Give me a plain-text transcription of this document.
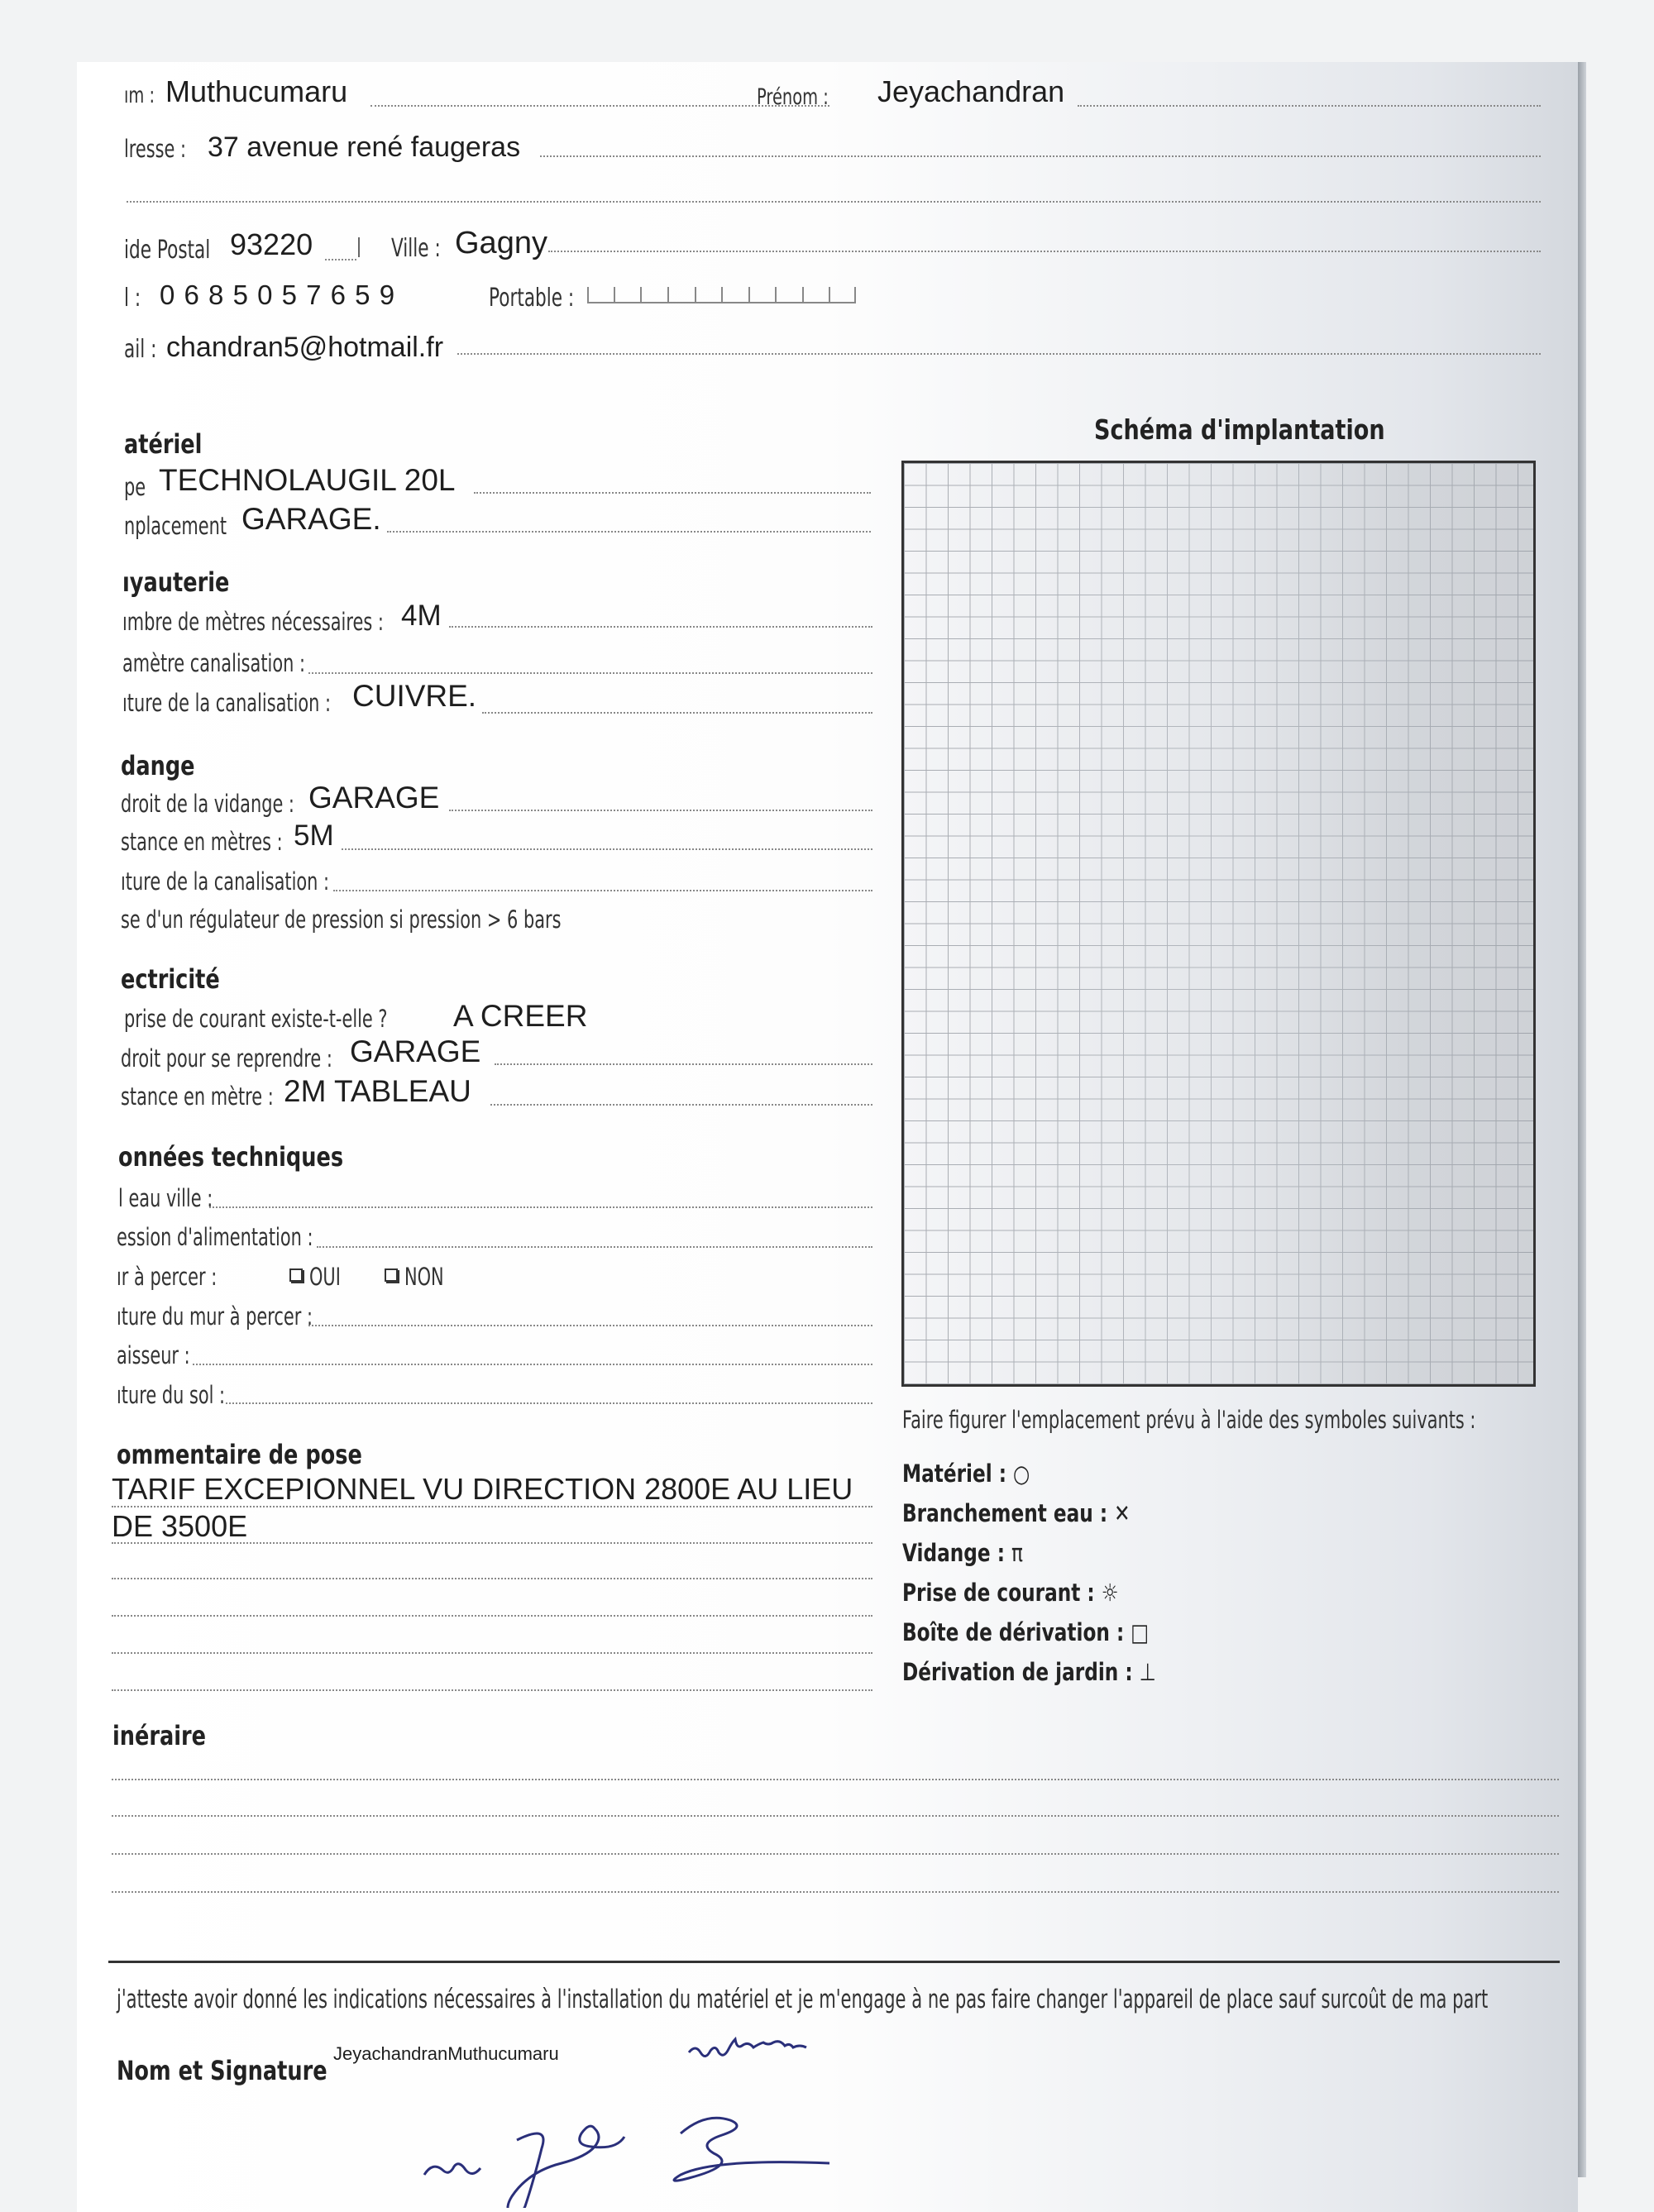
ım : Muthucumaru	Prénom : Jeyachandran
lresse : 37 avenue rené faugeras
ide Postal 93220	Ville : Gagny
l : 0 6 8 5 0 5 7 6 5 9	Portable :
ail : chandran5@hotmail.fr
atériel
pe TECHNOLAUGIL 20L
nplacement GARAGE.
ıyauterie
ımbre de mètres nécessaires : 4M
amètre canalisation :
ıture de la canalisation : CUIVRE.
dange
droit de la vidange : GARAGE
stance en mètres : 5M
ıture de la canalisation :
se d'un régulateur de pression si pression > 6 bars
ectricité
prise de courant existe-t-elle ? A CREER
droit pour se reprendre : GARAGE
stance en mètre : 2M TABLEAU
onnées techniques
l eau ville :
ession d'alimentation :
ır à percer :	OUI	NON
ıture du mur à percer :
aisseur :
ıture du sol :
ommentaire de pose
TARIF EXCEPIONNEL VU DIRECTION 2800E AU LIEU
DE 3500E
Schéma d'implantation
Faire figurer l'emplacement prévu à l'aide des symboles suivants :
Matériel : ○
Branchement eau : ✕
Vidange : π
Prise de courant : ☼
Boîte de dérivation : □
Dérivation de jardin : ⊥
inéraire
j'atteste avoir donné les indications nécessaires à l'installation du matériel et je m'engage à ne pas faire changer l'appareil de place sauf surcoût de ma part
Nom et Signature
JeyachandranMuthucumaru
